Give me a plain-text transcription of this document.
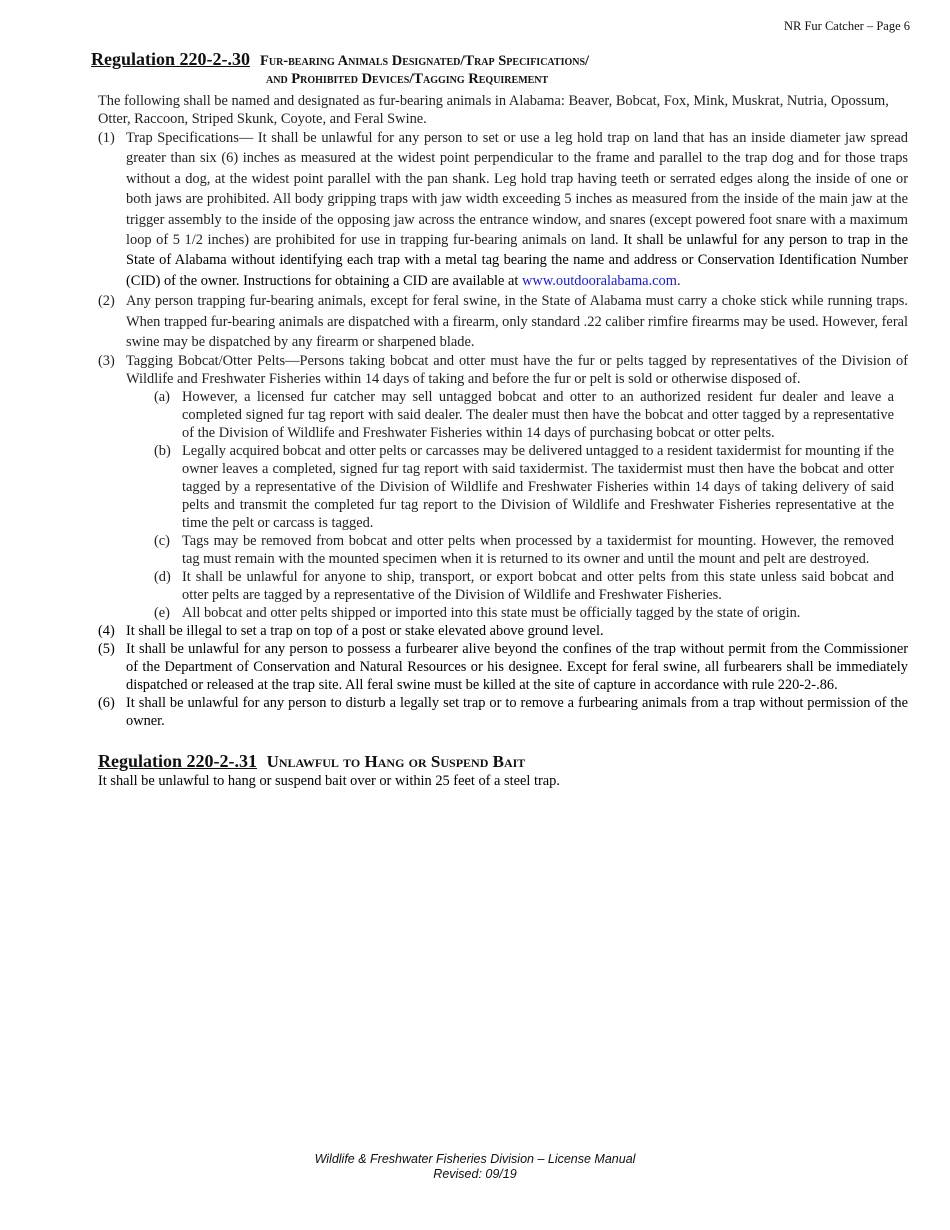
NR Fur Catcher – Page 6
Regulation 220-2-.30 Fur-bearing Animals Designated/Trap Specifications/
and Prohibited Devices/Tagging Requirement

The following shall be named and designated as fur-bearing animals in Alabama: Beaver, Bobcat, Fox, Mink, Muskrat, Nutria, Opossum, Otter, Raccoon, Striped Skunk, Coyote, and Feral Swine.

(1) Trap Specifications— It shall be unlawful for any person to set or use a leg hold trap on land that has an inside diameter jaw spread greater than six (6) inches as measured at the widest point perpendicular to the frame and parallel to the trap dog and for those traps without a dog, at the widest point parallel with the pan shank. Leg hold trap having teeth or serrated edges along the inside of one or both jaws are prohibited. All body gripping traps with jaw width exceeding 5 inches as measured from the inside of the main jaw at the trigger assembly to the inside of the opposing jaw across the entrance window, and snares (except powered foot snare with a maximum loop of 5 1/2 inches) are prohibited for use in trapping fur-bearing animals on land. It shall be unlawful for any person to trap in the State of Alabama without identifying each trap with a metal tag bearing the name and address or Conservation Identification Number (CID) of the owner. Instructions for obtaining a CID are available at www.outdooralabama.com.
(2) Any person trapping fur-bearing animals, except for feral swine, in the State of Alabama must carry a choke stick while running traps. When trapped fur-bearing animals are dispatched with a firearm, only standard .22 caliber rimfire firearms may be used. However, feral swine may be dispatched by any firearm or sharpened blade.
(3) Tagging Bobcat/Otter Pelts—Persons taking bobcat and otter must have the fur or pelts tagged by representatives of the Division of Wildlife and Freshwater Fisheries within 14 days of taking and before the fur or pelt is sold or otherwise disposed of.
(a) However, a licensed fur catcher may sell untagged bobcat and otter to an authorized resident fur dealer and leave a completed signed fur tag report with said dealer. The dealer must then have the bobcat and otter tagged by a representative of the Division of Wildlife and Freshwater Fisheries within 14 days of purchasing bobcat or otter pelts.
(b) Legally acquired bobcat and otter pelts or carcasses may be delivered untagged to a resident taxidermist for mounting if the owner leaves a completed, signed fur tag report with said taxidermist. The taxidermist must then have the bobcat and otter tagged by a representative of the Division of Wildlife and Freshwater Fisheries within 14 days of taking delivery of said pelts and transmit the completed fur tag report to the Division of Wildlife and Freshwater Fisheries representative at the time the pelt or carcass is tagged.
(c) Tags may be removed from bobcat and otter pelts when processed by a taxidermist for mounting. However, the removed tag must remain with the mounted specimen when it is returned to its owner and until the mount and pelt are destroyed.
(d) It shall be unlawful for anyone to ship, transport, or export bobcat and otter pelts from this state unless said bobcat and otter pelts are tagged by a representative of the Division of Wildlife and Freshwater Fisheries.
(e) All bobcat and otter pelts shipped or imported into this state must be officially tagged by the state of origin.
(4) It shall be illegal to set a trap on top of a post or stake elevated above ground level.
(5) It shall be unlawful for any person to possess a furbearer alive beyond the confines of the trap without permit from the Commissioner of the Department of Conservation and Natural Resources or his designee. Except for feral swine, all furbearers shall be immediately dispatched or released at the trap site. All feral swine must be killed at the site of capture in accordance with rule 220-2-.86.
(6) It shall be unlawful for any person to disturb a legally set trap or to remove a furbearing animals from a trap without permission of the owner.
Regulation 220-2-.31 Unlawful to Hang or Suspend Bait

It shall be unlawful to hang or suspend bait over or within 25 feet of a steel trap.

Wildlife & Freshwater Fisheries Division – License Manual
Revised: 09/19
